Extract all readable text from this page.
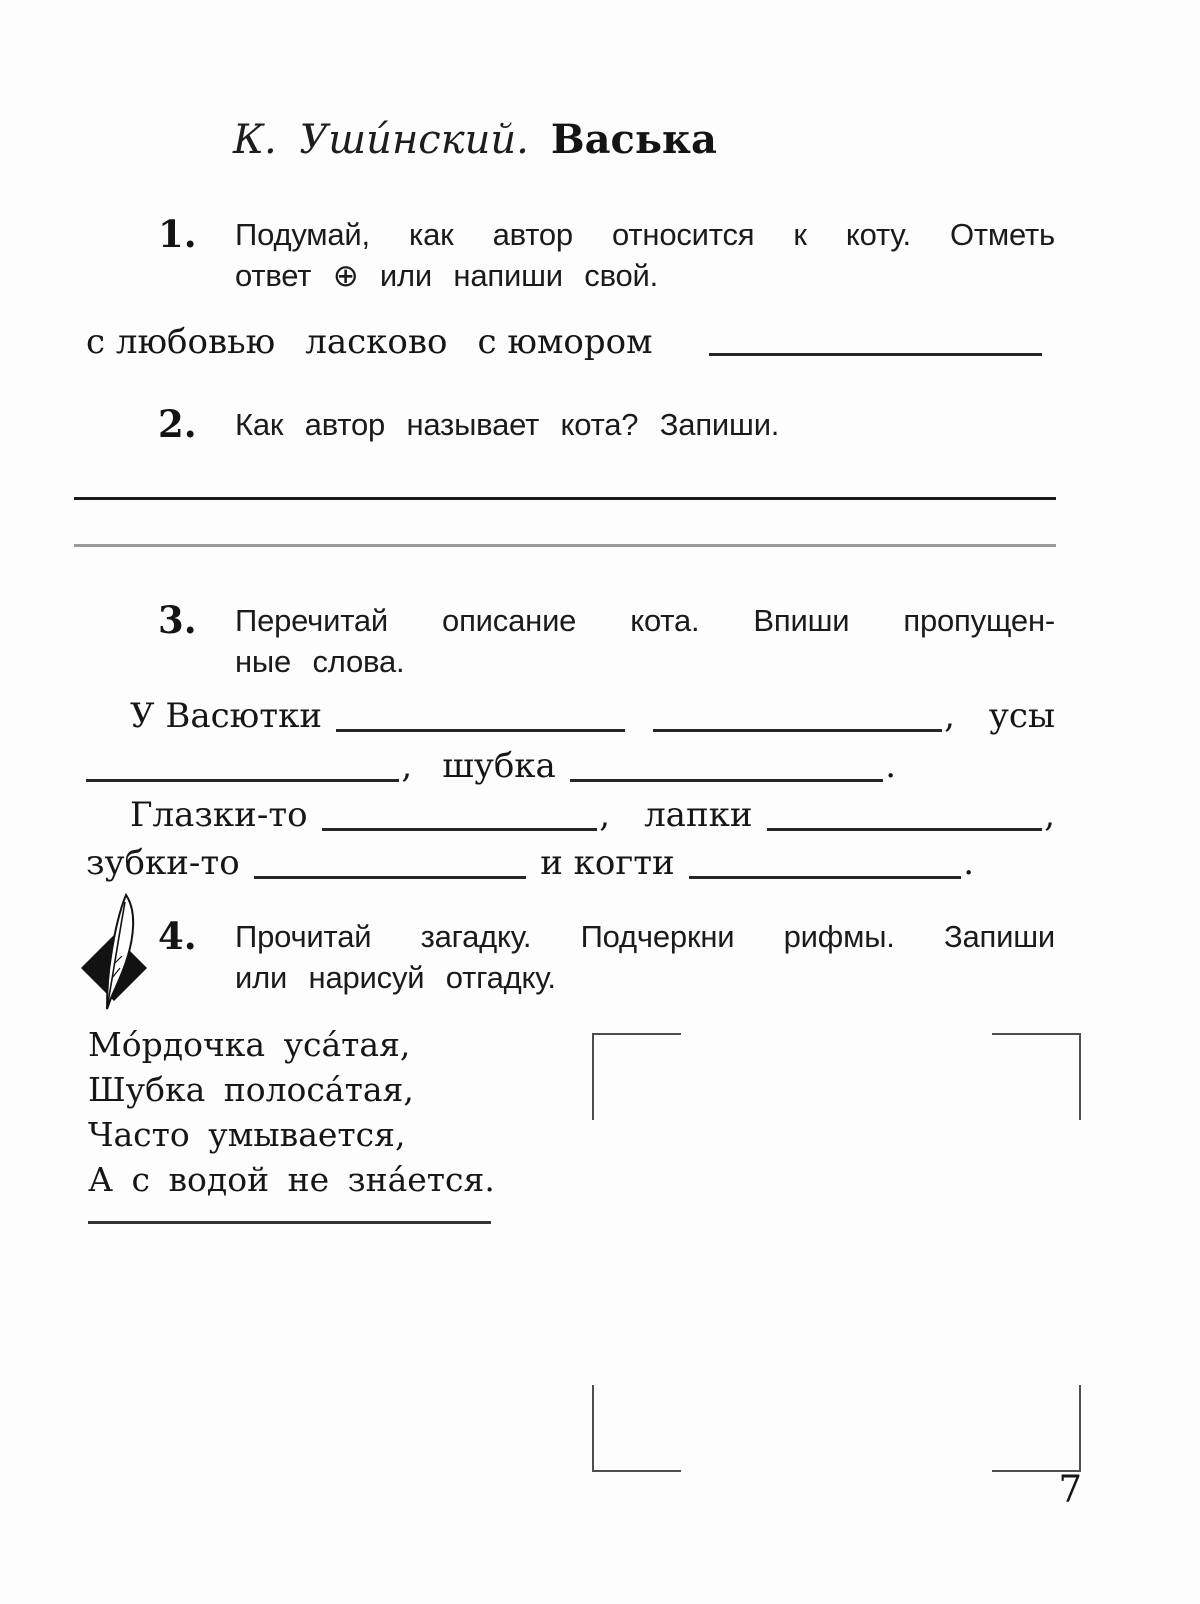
К. Уши́нский. Васька
1.	Подумай, как автор относится к коту. Отметь
ответ ⊕ или напиши свой.
с любовью ласково с юмором
2.	Как автор называет кота? Запиши.
3.	Перечитай описание кота. Впиши пропущен-
ные слова.
У Васютки	, усы
, шубка	.
Глазки-то	, лапки	,
зубки-то	и когти	.
4.	Прочитай загадку. Подчеркни рифмы. Запиши
или нарисуй отгадку.
Мо́рдочка уса́тая,
Шубка полоса́тая,
Часто умывается,
А с водой не зна́ется.
7
